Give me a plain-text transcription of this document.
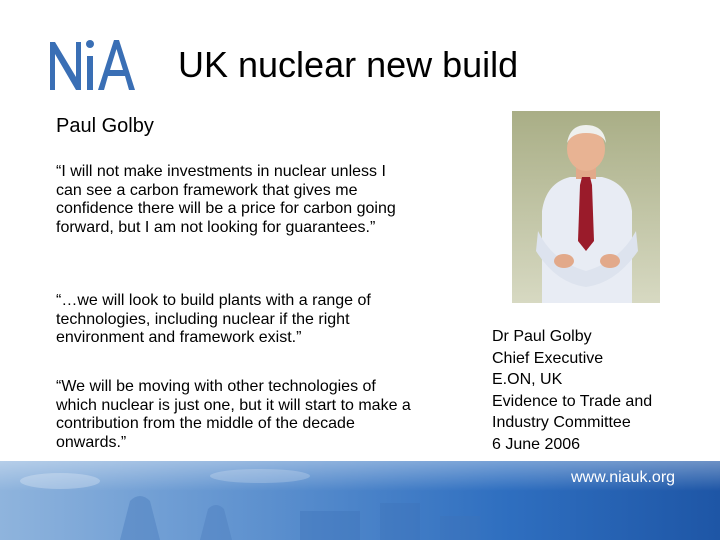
UK nuclear new build
Paul Golby
“I will not make investments in nuclear unless I can see a carbon framework that gives me confidence there will be a price for carbon going forward, but I am not looking for guarantees.”
“…we will look to build plants with a range of technologies, including nuclear if the right environment and framework exist.”
“We will be moving with other technologies of which nuclear is just one, but it will start to make a contribution from the middle of the decade onwards.”
Dr Paul Golby
Chief Executive
E.ON, UK
Evidence to Trade and
Industry Committee
6 June 2006
www.niauk.org
